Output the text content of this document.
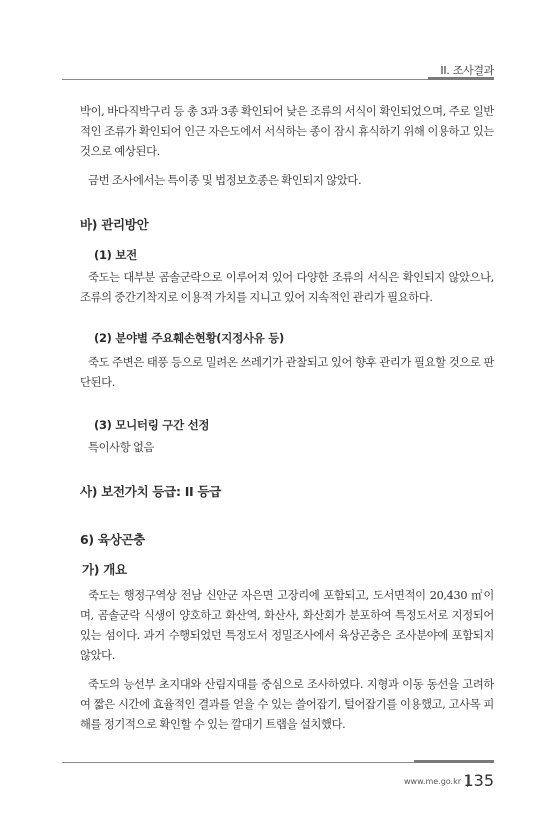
II. 조사결과

박이, 바다직박구리 등 총 3과 3종 확인되어 낮은 조류의 서식이 확인되었으며, 주로 일반적인 조류가 확인되어 인근 자은도에서 서식하는 종이 잠시 휴식하기 위해 이용하고 있는 것으로 예상된다.

금번 조사에서는 특이종 및 법정보호종은 확인되지 않았다.

바) 관리방안
(1) 보전

죽도는 대부분 곰솔군락으로 이루어져 있어 다양한 조류의 서식은 확인되지 않았으나, 조류의 중간기착지로 이용적 가치를 지니고 있어 지속적인 관리가 필요하다.

(2) 분야별 주요훼손현황(지정사유 등)

죽도 주변은 태풍 등으로 밀려온 쓰레기가 관찰되고 있어 향후 관리가 필요할 것으로 판단된다.

(3) 모니터링 구간 선정

특이사항 없음

사) 보전가치 등급: II 등급
6) 육상곤충
가) 개요

죽도는 행정구역상 전남 신안군 자은면 고장리에 포함되고, 도서면적이 20,430 ㎡이며, 곰솔군락 식생이 양호하고 화산역, 화산사, 화산회가 분포하여 특정도서로 지정되어 있는 섬이다. 과거 수행되었던 특정도서 정밀조사에서 육상곤충은 조사분야에 포함되지 않았다.

죽도의 능선부 초지대와 산림지대를 중심으로 조사하였다. 지형과 이동 동선을 고려하여 짧은 시간에 효율적인 결과를 얻을 수 있는 쓸어잡기, 털어잡기를 이용했고, 고사목 피해를 정기적으로 확인할 수 있는 깔대기 트랩을 설치했다.

www.me.go.kr 135
